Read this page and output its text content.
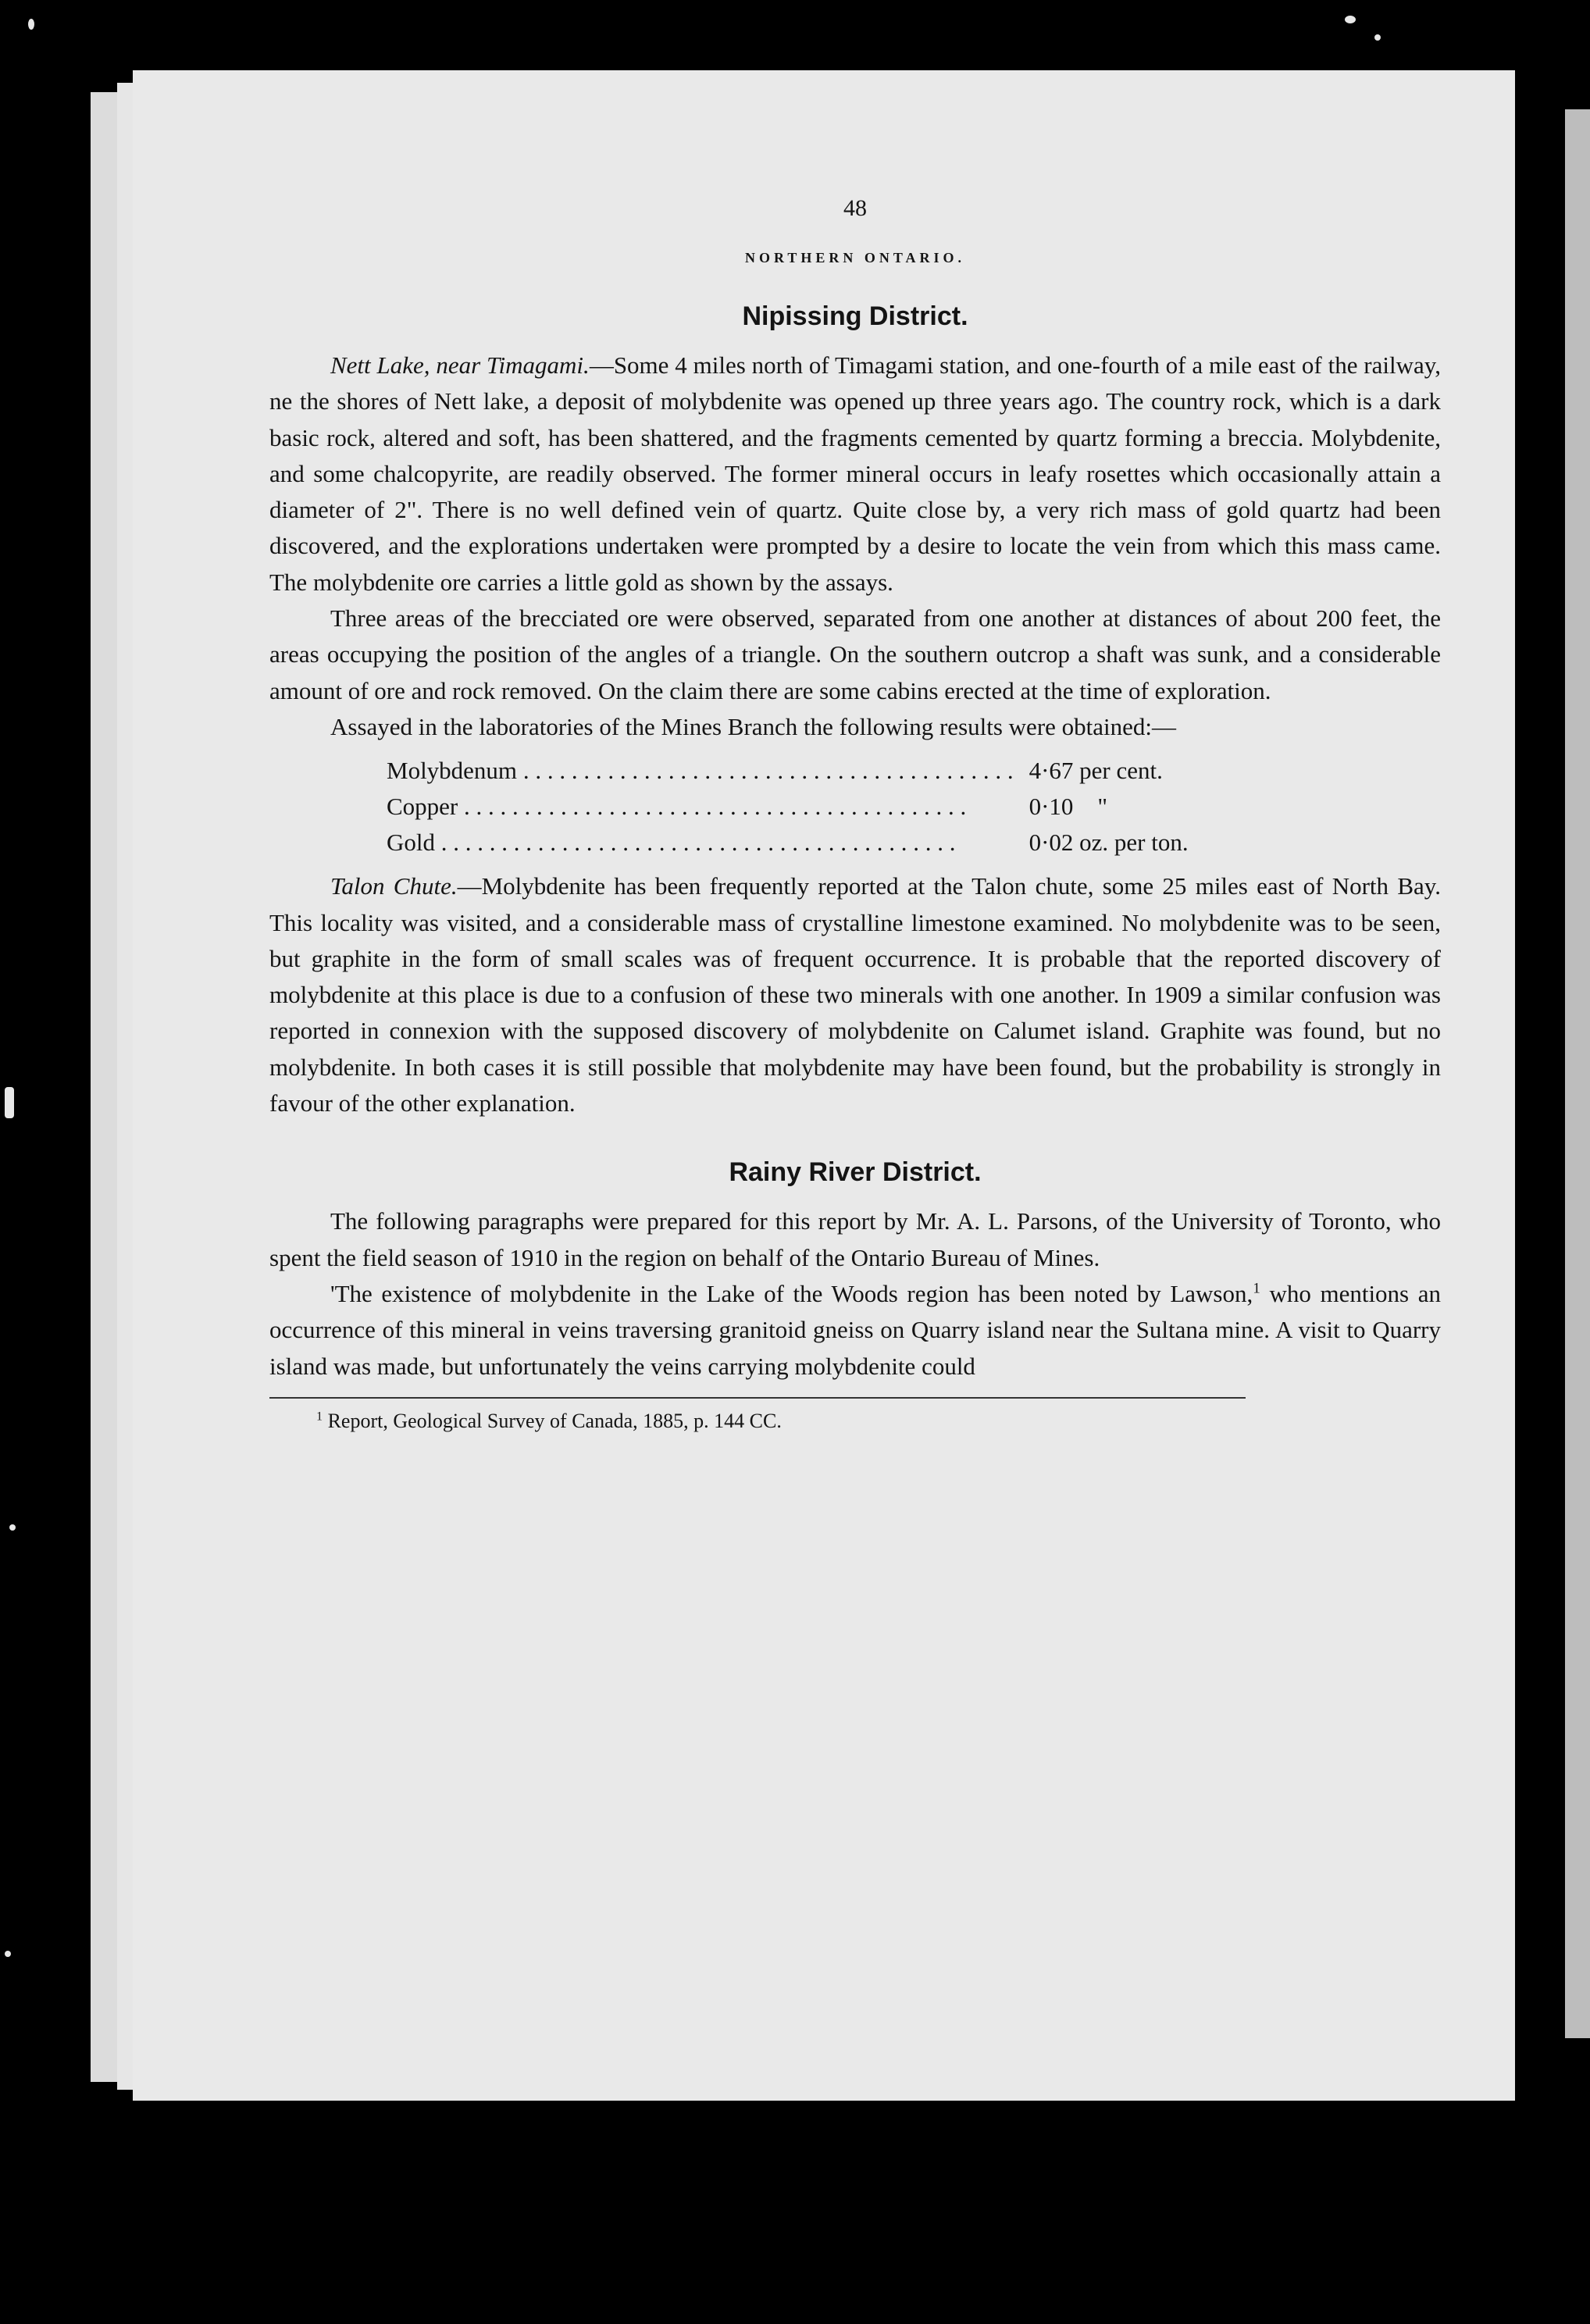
48
NORTHERN ONTARIO.
Nipissing District.

Nett Lake, near Timagami.—Some 4 miles north of Timagami station, and one-fourth of a mile east of the railway, ne the shores of Nett lake, a deposit of molybdenite was opened up three years ago. The country rock, which is a dark basic rock, altered and soft, has been shattered, and the fragments cemented by quartz forming a breccia. Molybdenite, and some chalcopyrite, are readily observed. The former mineral occurs in leafy rosettes which occasionally attain a diameter of 2". There is no well defined vein of quartz. Quite close by, a very rich mass of gold quartz had been discovered, and the explorations undertaken were prompted by a desire to locate the vein from which this mass came. The molybdenite ore carries a little gold as shown by the assays.

Three areas of the brecciated ore were observed, separated from one another at distances of about 200 feet, the areas occupying the position of the angles of a triangle. On the southern outcrop a shaft was sunk, and a considerable amount of ore and rock removed. On the claim there are some cabins erected at the time of exploration.

Assayed in the laboratories of the Mines Branch the following results were obtained:—

Molybdenum . . . . . . . . . . . . . . . . . . . . . . . . . . . . . . . . . . . . . . . . .	4·67 per cent.
Copper . . . . . . . . . . . . . . . . . . . . . . . . . . . . . . . . . . . . . . . . . .	0·10    "
Gold . . . . . . . . . . . . . . . . . . . . . . . . . . . . . . . . . . . . . . . . . . .	0·02 oz. per ton.

Talon Chute.—Molybdenite has been frequently reported at the Talon chute, some 25 miles east of North Bay. This locality was visited, and a considerable mass of crystalline limestone examined. No molybdenite was to be seen, but graphite in the form of small scales was of frequent occurrence. It is probable that the reported discovery of molybdenite at this place is due to a confusion of these two minerals with one another. In 1909 a similar confusion was reported in connexion with the supposed discovery of molybdenite on Calumet island. Graphite was found, but no molybdenite. In both cases it is still possible that molybdenite may have been found, but the probability is strongly in favour of the other explanation.

Rainy River District.

The following paragraphs were prepared for this report by Mr. A. L. Parsons, of the University of Toronto, who spent the field season of 1910 in the region on behalf of the Ontario Bureau of Mines.

'The existence of molybdenite in the Lake of the Woods region has been noted by Lawson,$^1$ who mentions an occurrence of this mineral in veins traversing granitoid gneiss on Quarry island near the Sultana mine. A visit to Quarry island was made, but unfortunately the veins carrying molybdenite could

$^1$ Report, Geological Survey of Canada, 1885, p. 144 CC.
